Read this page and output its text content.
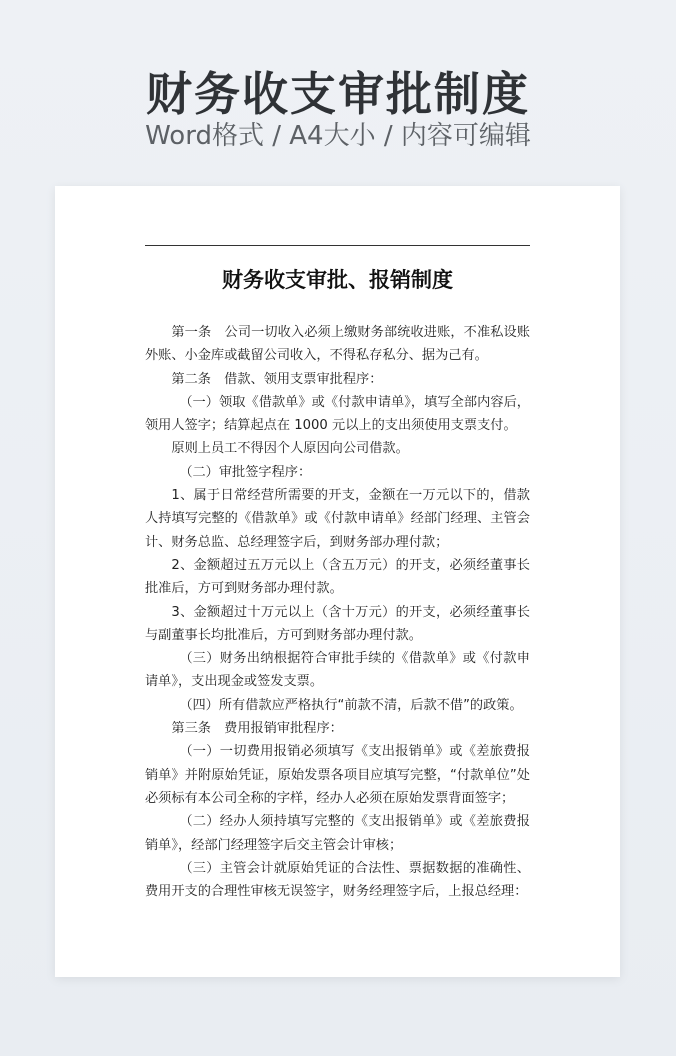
财务收支审批制度
Word格式 / A4大小 / 内容可编辑
财务收支审批、报销制度

第一条　公司一切收入必须上缴财务部统收进账，不准私设账外账、小金库或截留公司收入，不得私存私分、据为己有。

第二条　借款、领用支票审批程序：

（一）领取《借款单》或《付款申请单》，填写全部内容后，领用人签字；结算起点在 1000 元以上的支出须使用支票支付。

原则上员工不得因个人原因向公司借款。

（二）审批签字程序：

1、属于日常经营所需要的开支，金额在一万元以下的，借款人持填写完整的《借款单》或《付款申请单》经部门经理、主管会计、财务总监、总经理签字后，到财务部办理付款；

2、金额超过五万元以上（含五万元）的开支，必须经董事长批准后，方可到财务部办理付款。

3、金额超过十万元以上（含十万元）的开支，必须经董事长与副董事长均批准后，方可到财务部办理付款。

（三）财务出纳根据符合审批手续的《借款单》或《付款申请单》，支出现金或签发支票。

（四）所有借款应严格执行“前款不清，后款不借”的政策。

第三条　费用报销审批程序：

（一）一切费用报销必须填写《支出报销单》或《差旅费报销单》并附原始凭证，原始发票各项目应填写完整，“付款单位”处必须标有本公司全称的字样，经办人必须在原始发票背面签字；

（二）经办人须持填写完整的《支出报销单》或《差旅费报销单》，经部门经理签字后交主管会计审核；

（三）主管会计就原始凭证的合法性、票据数据的准确性、费用开支的合理性审核无误签字，财务经理签字后，上报总经理：
